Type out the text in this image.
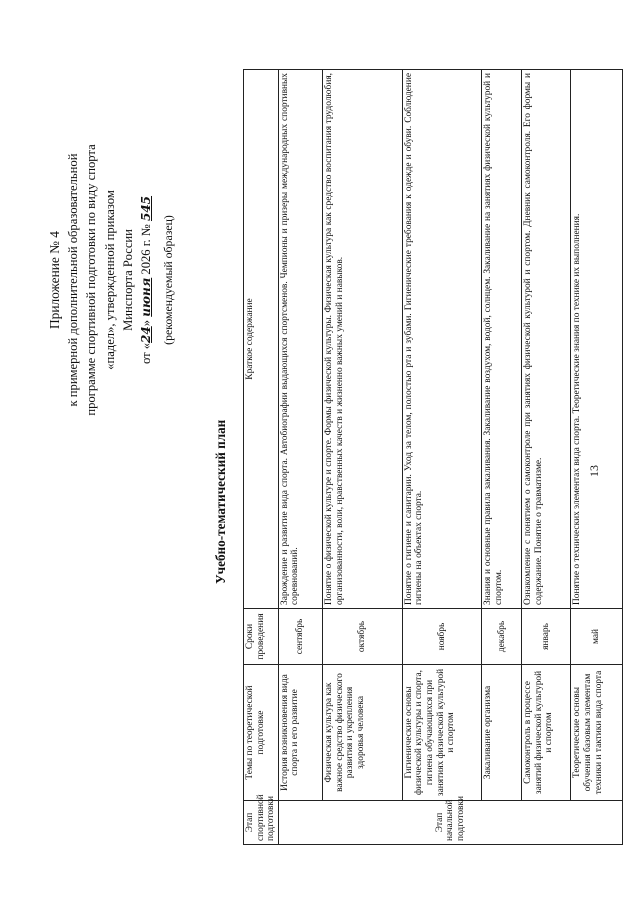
13
Приложение № 4 к примерной дополнительной образовательной программе спортивной подготовки по виду спорта «падел», утвержденной приказом Минспорта России
от «24» июня 2026 г. № 545
(рекомендуемый образец)
Учебно-тематический план
Этап спортивной подготовки	Темы по теоретической подготовке	Сроки проведения	Краткое содержание
Этап начальной подготовки	История возникновения вида спорта и его развитие	сентябрь	Зарождение и развитие вида спорта. Автобиографии выдающихся спортсменов. Чемпионы и призеры международных спортивных соревнований.
	Физическая культура как важное средство физического развития и укрепления здоровья человека	октябрь	Понятие о физической культуре и спорте. Формы физической культуры. Физическая культура как средство воспитания трудолюбия, организованности, воли, нравственных качеств и жизненно важных умений и навыков.
	Гигиенические основы физической культуры и спорта, гигиена обучающихся при занятиях физической культурой и спортом	ноябрь	Понятие о гигиене и санитарии. Уход за телом, полостью рта и зубами. Гигиенические требования к одежде и обуви. Соблюдение гигиены на объектах спорта.
	Закаливание организма	декабрь	Знания и основные правила закаливания. Закаливание воздухом, водой, солнцем. Закаливание на занятиях физической культурой и спортом.
	Самоконтроль в процессе занятий физической культурой и спортом	январь	Ознакомление с понятием о самоконтроле при занятиях физической культурой и спортом. Дневник самоконтроля. Его формы и содержание. Понятие о травматизме.
	Теоретические основы обучения базовым элементам техники и тактики вида спорта	май	Понятие о технических элементах вида спорта. Теоретические знания по технике их выполнения.
